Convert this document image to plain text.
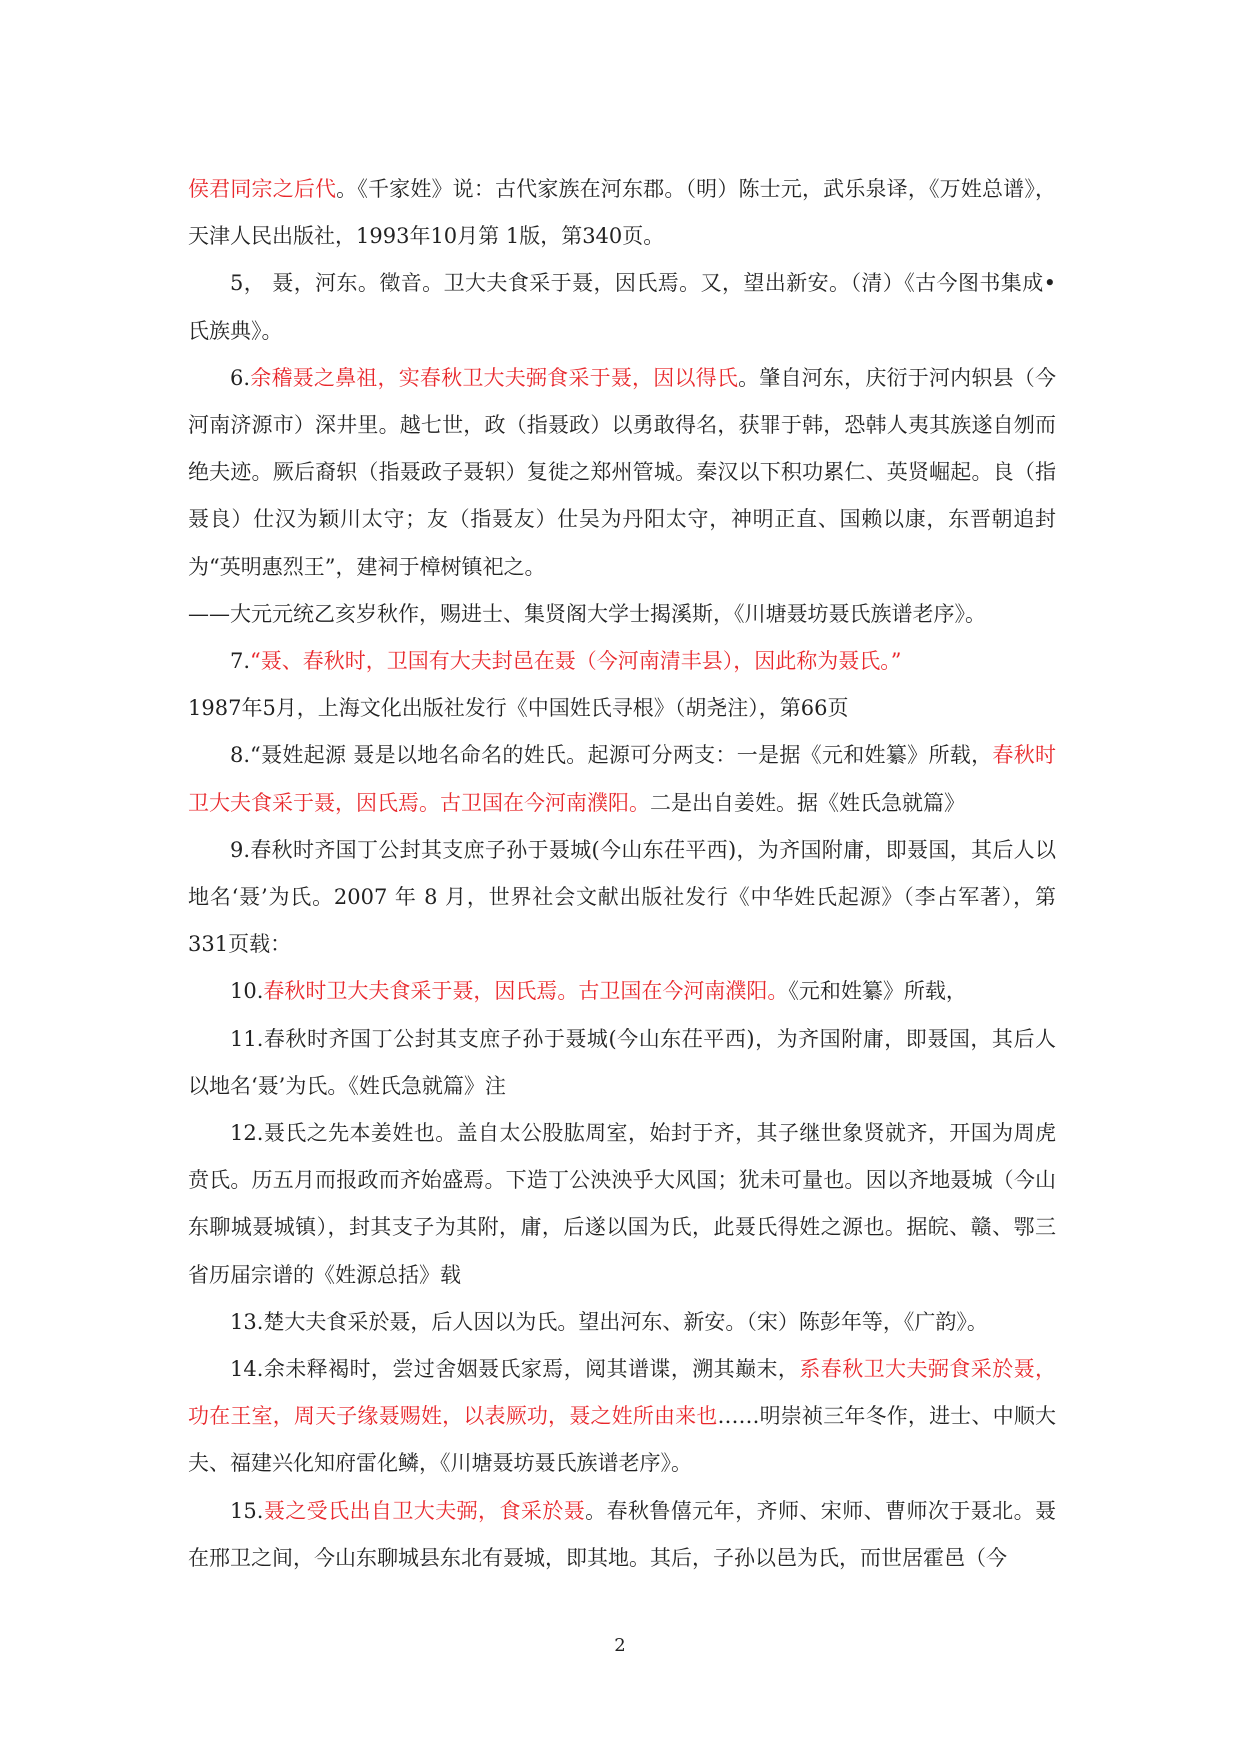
侯君同宗之后代。《千家姓》说：古代家族在河东郡。（明）陈士元，武乐泉译，《万姓总谱》，天津人民出版社，1993年10月第 1版，第340页。

5， 聂，河东。徵音。卫大夫食采于聂，因氏焉。又，望出新安。（清）《古今图书集成•氏族典》。

6.余稽聂之鼻祖，实春秋卫大夫弼食采于聂，因以得氏。肇自河东，庆衍于河内轵县（今河南济源市）深井里。越七世，政（指聂政）以勇敢得名，获罪于韩，恐韩人夷其族遂自刎而绝夫迹。厥后裔轵（指聂政子聂轵）复徙之郑州管城。秦汉以下积功累仁、英贤崛起。良（指聂良）仕汉为颖川太守；友（指聂友）仕吴为丹阳太守，神明正直、国赖以康，东晋朝追封为“英明惠烈王”，建祠于樟树镇祀之。

——大元元统乙亥岁秋作，赐进士、集贤阁大学士揭溪斯，《川塘聂坊聂氏族谱老序》。

7.“聂、春秋时，卫国有大夫封邑在聂（今河南清丰县），因此称为聂氏。”

1987年5月，上海文化出版社发行《中国姓氏寻根》（胡尧注），第66页

8.“聂姓起源 聂是以地名命名的姓氏。起源可分两支：一是据《元和姓纂》所载，春秋时卫大夫食采于聂，因氏焉。古卫国在今河南濮阳。二是出自姜姓。据《姓氏急就篇》

9.春秋时齐国丁公封其支庶子孙于聂城(今山东茌平西)，为齐国附庸，即聂国，其后人以地名‘聂’为氏。2007 年 8 月，世界社会文献出版社发行《中华姓氏起源》（李占军著），第331页载：

10.春秋时卫大夫食采于聂，因氏焉。古卫国在今河南濮阳。《元和姓纂》所载，

11.春秋时齐国丁公封其支庶子孙于聂城(今山东茌平西)，为齐国附庸，即聂国，其后人以地名‘聂’为氏。《姓氏急就篇》注

12.聂氏之先本姜姓也。盖自太公股肱周室，始封于齐，其子继世象贤就齐，开国为周虎贲氏。历五月而报政而齐始盛焉。下造丁公泱泱乎大风国；犹未可量也。因以齐地聂城（今山东聊城聂城镇），封其支子为其附，庸，后遂以国为氏，此聂氏得姓之源也。据皖、赣、鄂三省历届宗谱的《姓源总括》载

13.楚大夫食采於聂，后人因以为氏。望出河东、新安。（宋）陈彭年等，《广韵》。

14.余未释褐时，尝过舍姻聂氏家焉，阅其谱谍，溯其巅末，系春秋卫大夫弼食采於聂，功在王室，周天子缘聂赐姓，以表厥功，聂之姓所由来也……明崇祯三年冬作，进士、中顺大夫、福建兴化知府雷化鳞，《川塘聂坊聂氏族谱老序》。

15.聂之受氏出自卫大夫弼，食采於聂。春秋鲁僖元年，齐师、宋师、曹师次于聂北。聂在邢卫之间，今山东聊城县东北有聂城，即其地。其后，子孙以邑为氏，而世居霍邑（今

2
